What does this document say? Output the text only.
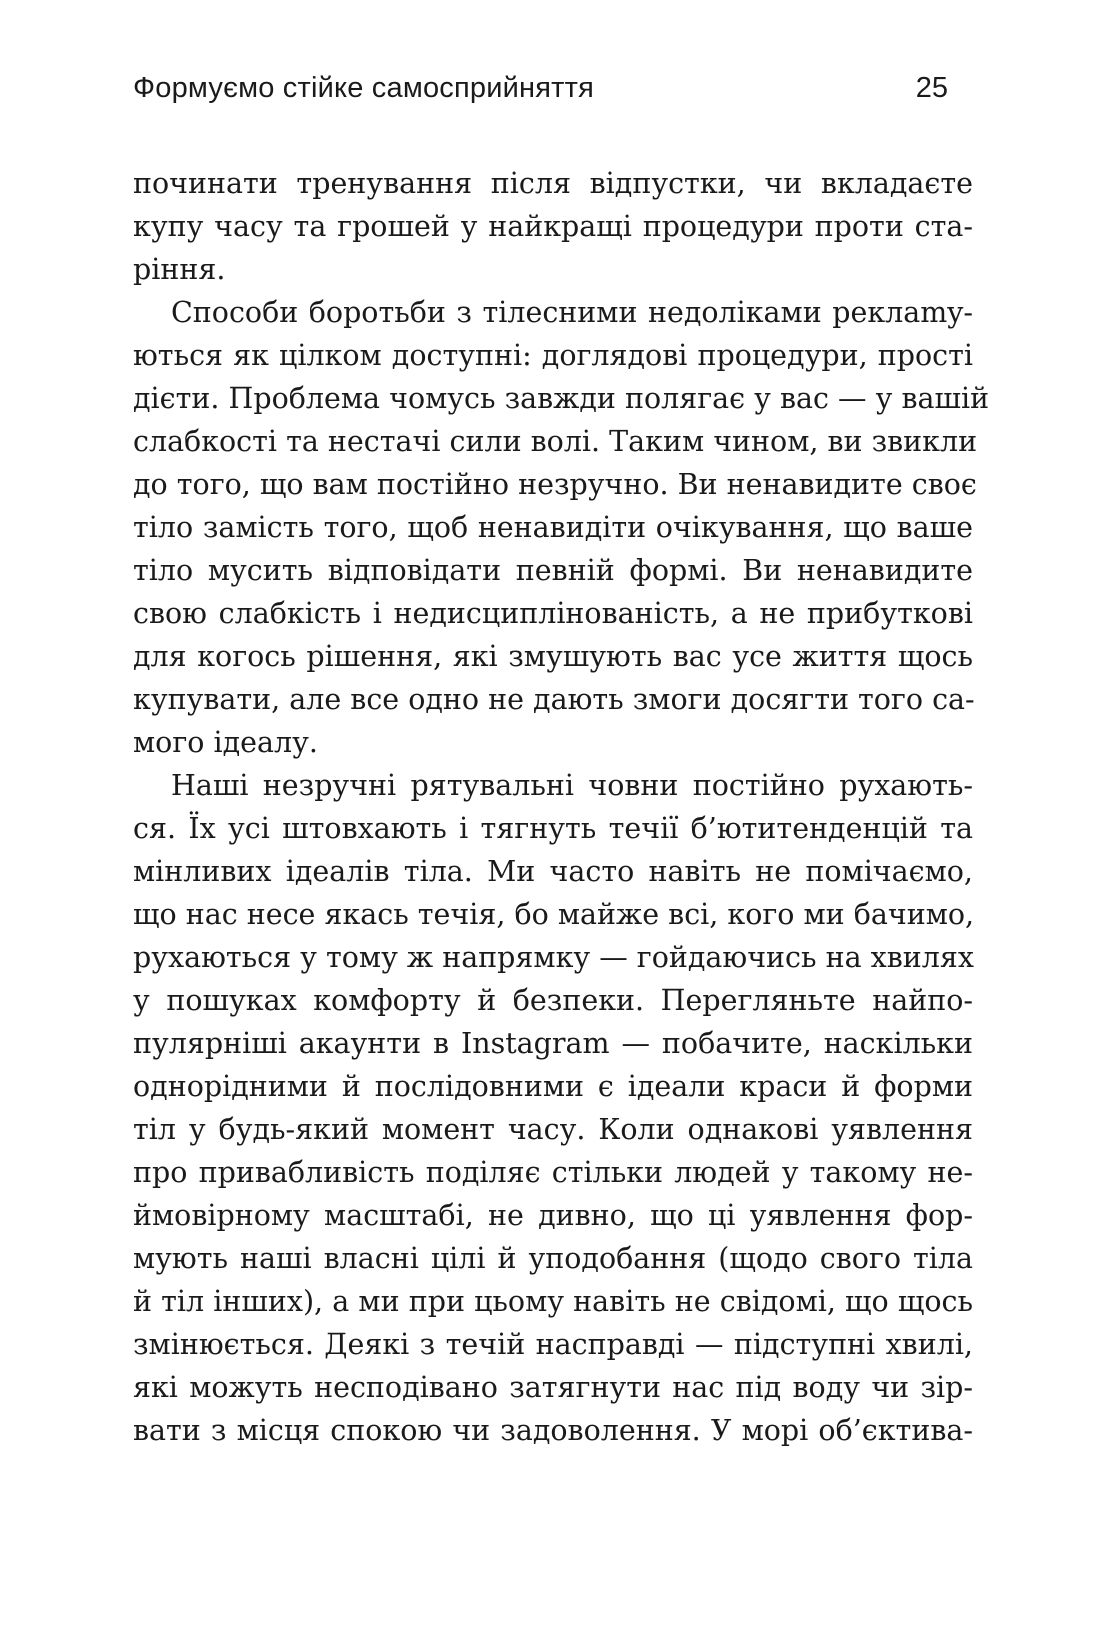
Формуємо стійке самосприйняття	25
починати тренування після відпустки, чи вкладаєте
купу часу та грошей у найкращі процедури проти ста-
ріння.
Способи боротьби з тілесними недоліками реклаmy-
ються як цілком доступні: доглядові процедури, прості
дієти. Проблема чомусь завжди полягає у вас — у вашій
слабкості та нестачі сили волі. Таким чином, ви звикли
до того, що вам постійно незручно. Ви ненавидите своє
тіло замість того, щоб ненавидіти очікування, що ваше
тіло мусить відповідати певній формі. Ви ненавидите
свою слабкість і недисциплінованість, а не прибуткові
для когось рішення, які змушують вас усе життя щось
купувати, але все одно не дають змоги досягти того са-
мого ідеалу.
Наші незручні рятувальні човни постійно рухають-
ся. Їх усі штовхають і тягнуть течії б’ютитенденцій та
мінливих ідеалів тіла. Ми часто навіть не помічаємо,
що нас несе якась течія, бо майже всі, кого ми бачимо,
рухаються у тому ж напрямку — гойдаючись на хвилях
у пошуках комфорту й безпеки. Перегляньте найпо-
пулярніші акаунти в Instagram — побачите, наскільки
однорідними й послідовними є ідеали краси й форми
тіл у будь-який момент часу. Коли однакові уявлення
про привабливість поділяє стільки людей у такому не-
ймовірному масштабі, не дивно, що ці уявлення фор-
мують наші власні цілі й уподобання (щодо свого тіла
й тіл інших), а ми при цьому навіть не свідомі, що щось
змінюється. Деякі з течій насправді — підступні хвилі,
які можуть несподівано затягнути нас під воду чи зір-
вати з місця спокою чи задоволення. У морі об’єктива-
